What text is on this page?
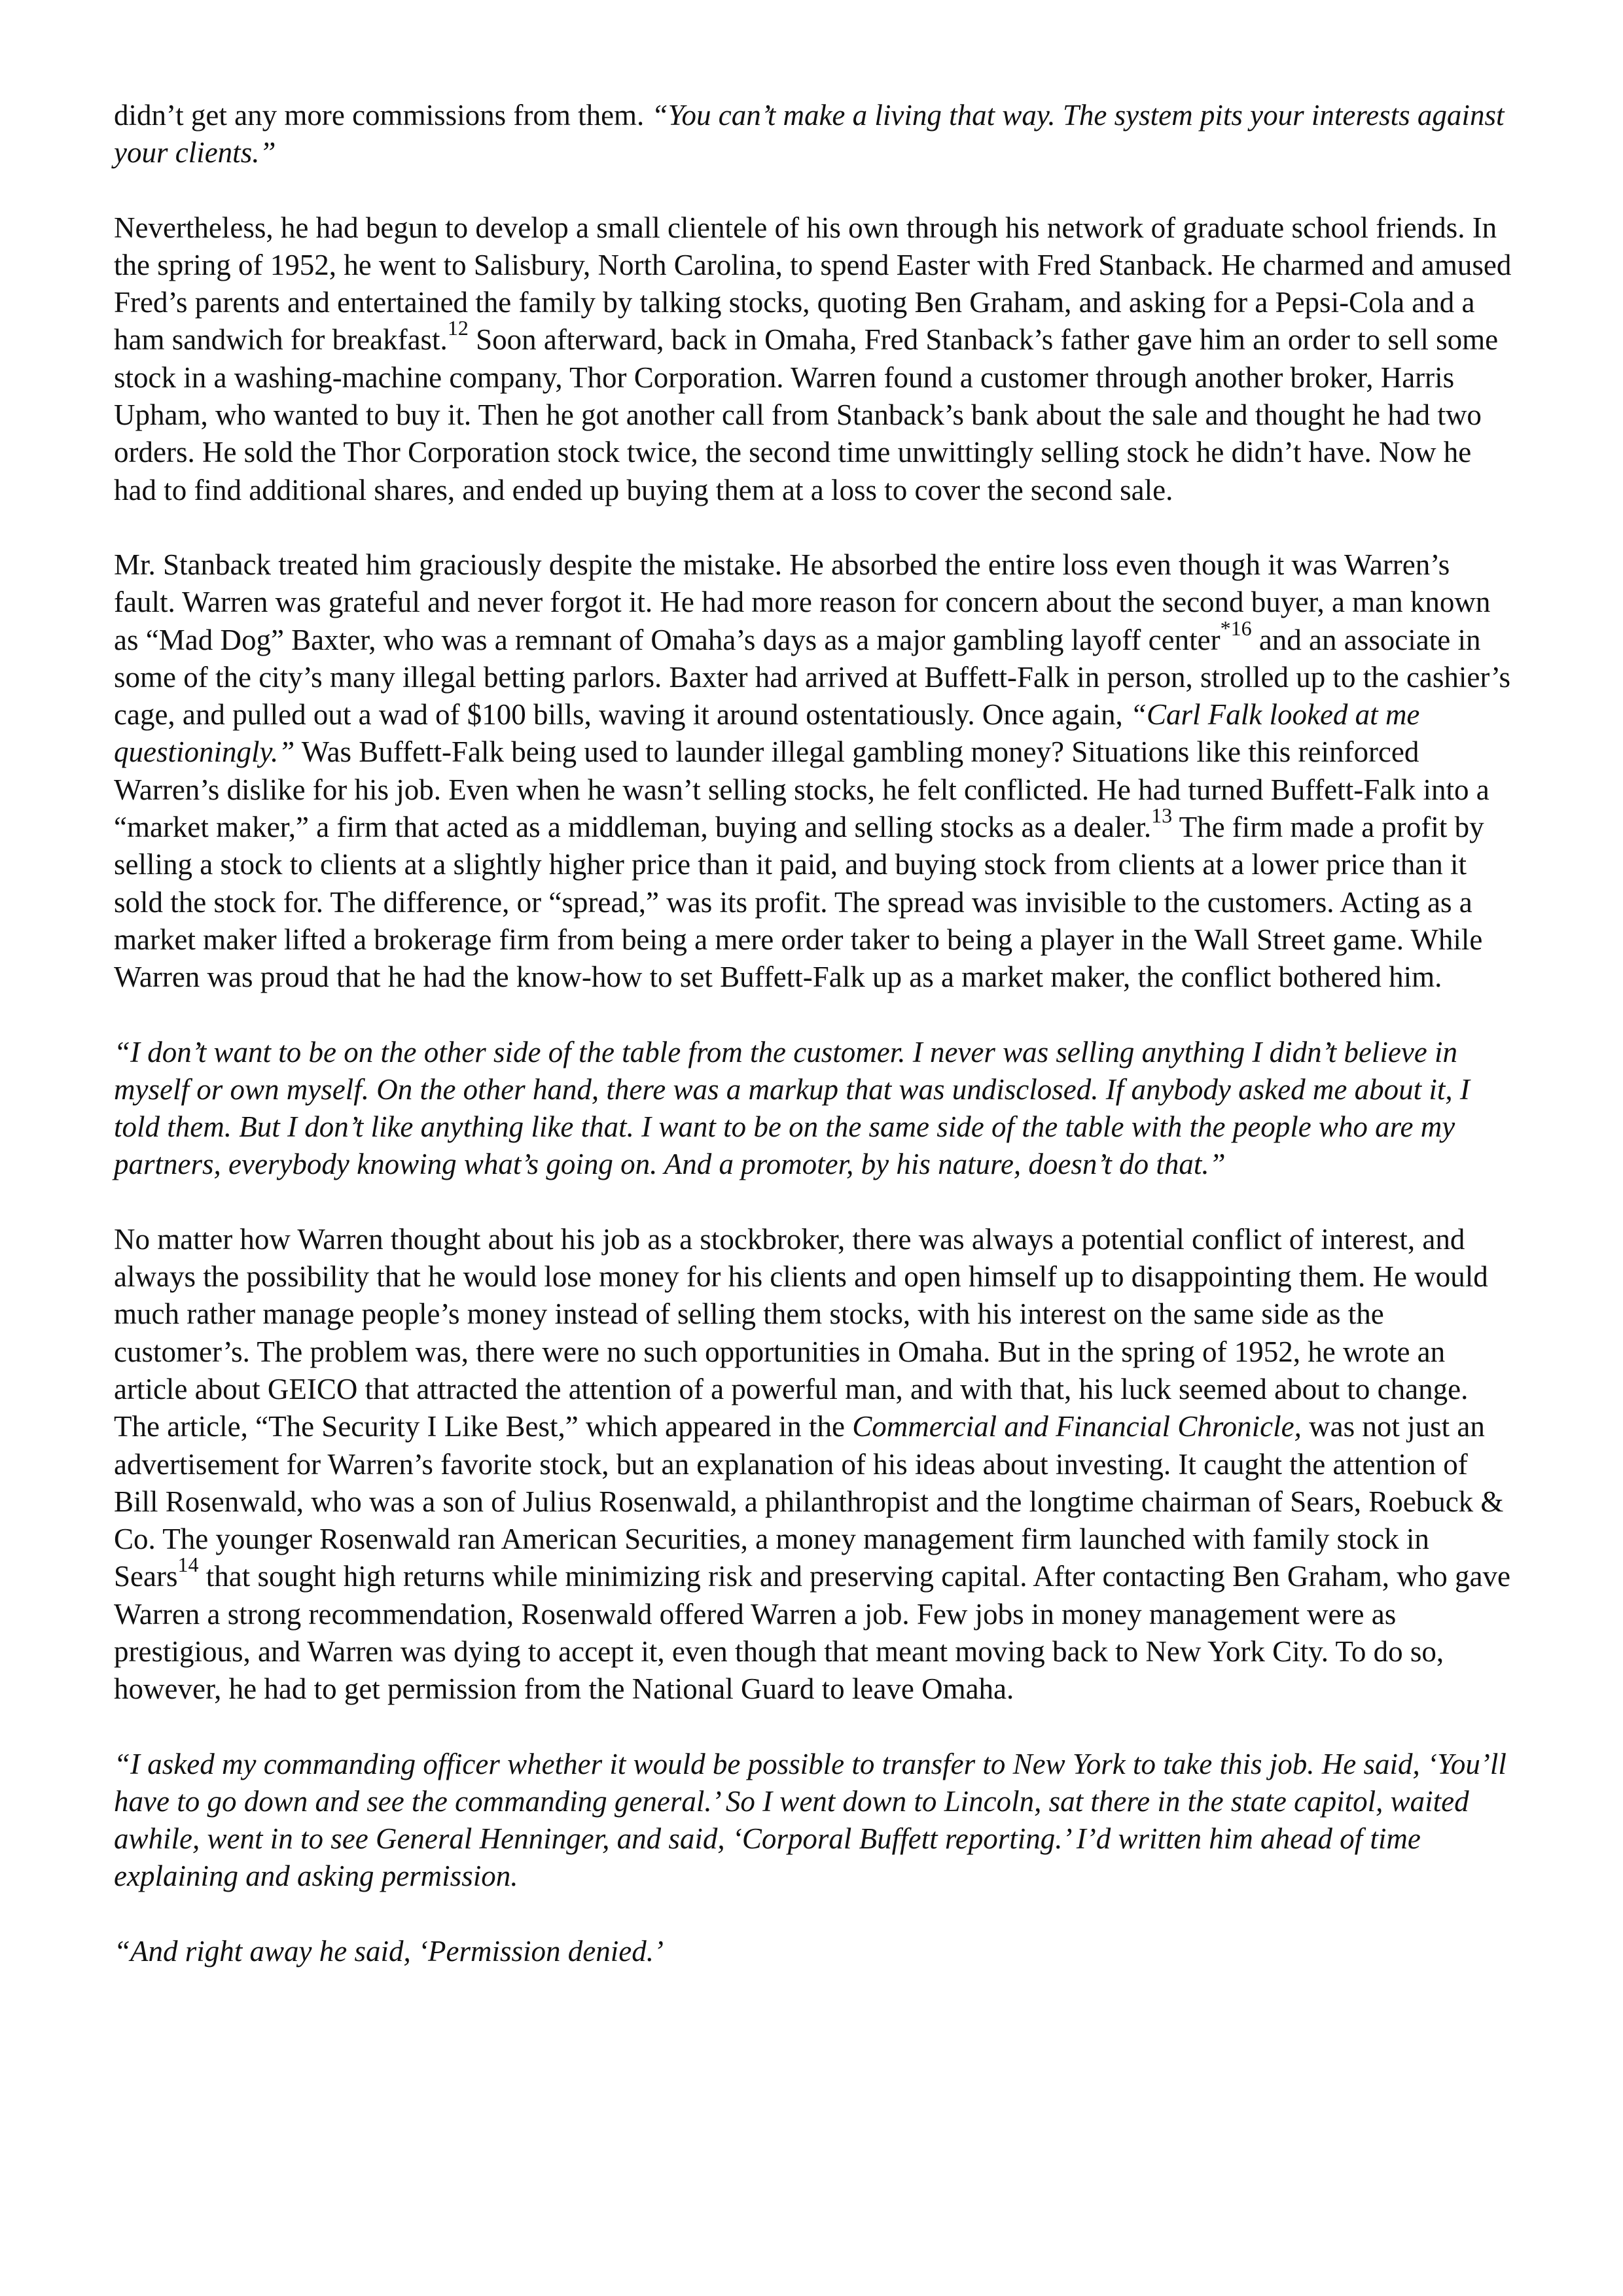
didn’t get any more commissions from them. “You can’t make a living that way. The system pits your interests against your clients.”

Nevertheless, he had begun to develop a small clientele of his own through his network of graduate school friends. In the spring of 1952, he went to Salisbury, North Carolina, to spend Easter with Fred Stanback. He charmed and amused Fred’s parents and entertained the family by talking stocks, quoting Ben Graham, and asking for a Pepsi-Cola and a ham sandwich for breakfast.$^{12}$ Soon afterward, back in Omaha, Fred Stanback’s father gave him an order to sell some stock in a washing-machine company, Thor Corporation. Warren found a customer through another broker, Harris Upham, who wanted to buy it. Then he got another call from Stanback’s bank about the sale and thought he had two orders. He sold the Thor Corporation stock twice, the second time unwittingly selling stock he didn’t have. Now he had to find additional shares, and ended up buying them at a loss to cover the second sale.

Mr. Stanback treated him graciously despite the mistake. He absorbed the entire loss even though it was Warren’s fault. Warren was grateful and never forgot it. He had more reason for concern about the second buyer, a man known as “Mad Dog” Baxter, who was a remnant of Omaha’s days as a major gambling layoff center$^{*16}$ and an associate in some of the city’s many illegal betting parlors. Baxter had arrived at Buffett-Falk in person, strolled up to the cashier’s cage, and pulled out a wad of $100 bills, waving it around ostentatiously. Once again, “Carl Falk looked at me questioningly.” Was Buffett-Falk being used to launder illegal gambling money? Situations like this reinforced Warren’s dislike for his job. Even when he wasn’t selling stocks, he felt conflicted. He had turned Buffett-Falk into a “market maker,” a firm that acted as a middleman, buying and selling stocks as a dealer.$^{13}$ The firm made a profit by selling a stock to clients at a slightly higher price than it paid, and buying stock from clients at a lower price than it sold the stock for. The difference, or “spread,” was its profit. The spread was invisible to the customers. Acting as a market maker lifted a brokerage firm from being a mere order taker to being a player in the Wall Street game. While Warren was proud that he had the know-how to set Buffett-Falk up as a market maker, the conflict bothered him.

“I don’t want to be on the other side of the table from the customer. I never was selling anything I didn’t believe in myself or own myself. On the other hand, there was a markup that was undisclosed. If anybody asked me about it, I told them. But I don’t like anything like that. I want to be on the same side of the table with the people who are my partners, everybody knowing what’s going on. And a promoter, by his nature, doesn’t do that.”

No matter how Warren thought about his job as a stockbroker, there was always a potential conflict of interest, and always the possibility that he would lose money for his clients and open himself up to disappointing them. He would much rather manage people’s money instead of selling them stocks, with his interest on the same side as the customer’s. The problem was, there were no such opportunities in Omaha. But in the spring of 1952, he wrote an article about GEICO that attracted the attention of a powerful man, and with that, his luck seemed about to change. The article, “The Security I Like Best,” which appeared in the Commercial and Financial Chronicle, was not just an advertisement for Warren’s favorite stock, but an explanation of his ideas about investing. It caught the attention of Bill Rosenwald, who was a son of Julius Rosenwald, a philanthropist and the longtime chairman of Sears, Roebuck & Co. The younger Rosenwald ran American Securities, a money management firm launched with family stock in Sears$^{14}$ that sought high returns while minimizing risk and preserving capital. After contacting Ben Graham, who gave Warren a strong recommendation, Rosenwald offered Warren a job. Few jobs in money management were as prestigious, and Warren was dying to accept it, even though that meant moving back to New York City. To do so, however, he had to get permission from the National Guard to leave Omaha.

“I asked my commanding officer whether it would be possible to transfer to New York to take this job. He said, ‘You’ll have to go down and see the commanding general.’ So I went down to Lincoln, sat there in the state capitol, waited awhile, went in to see General Henninger, and said, ‘Corporal Buffett reporting.’ I’d written him ahead of time explaining and asking permission.

“And right away he said, ‘Permission denied.’
